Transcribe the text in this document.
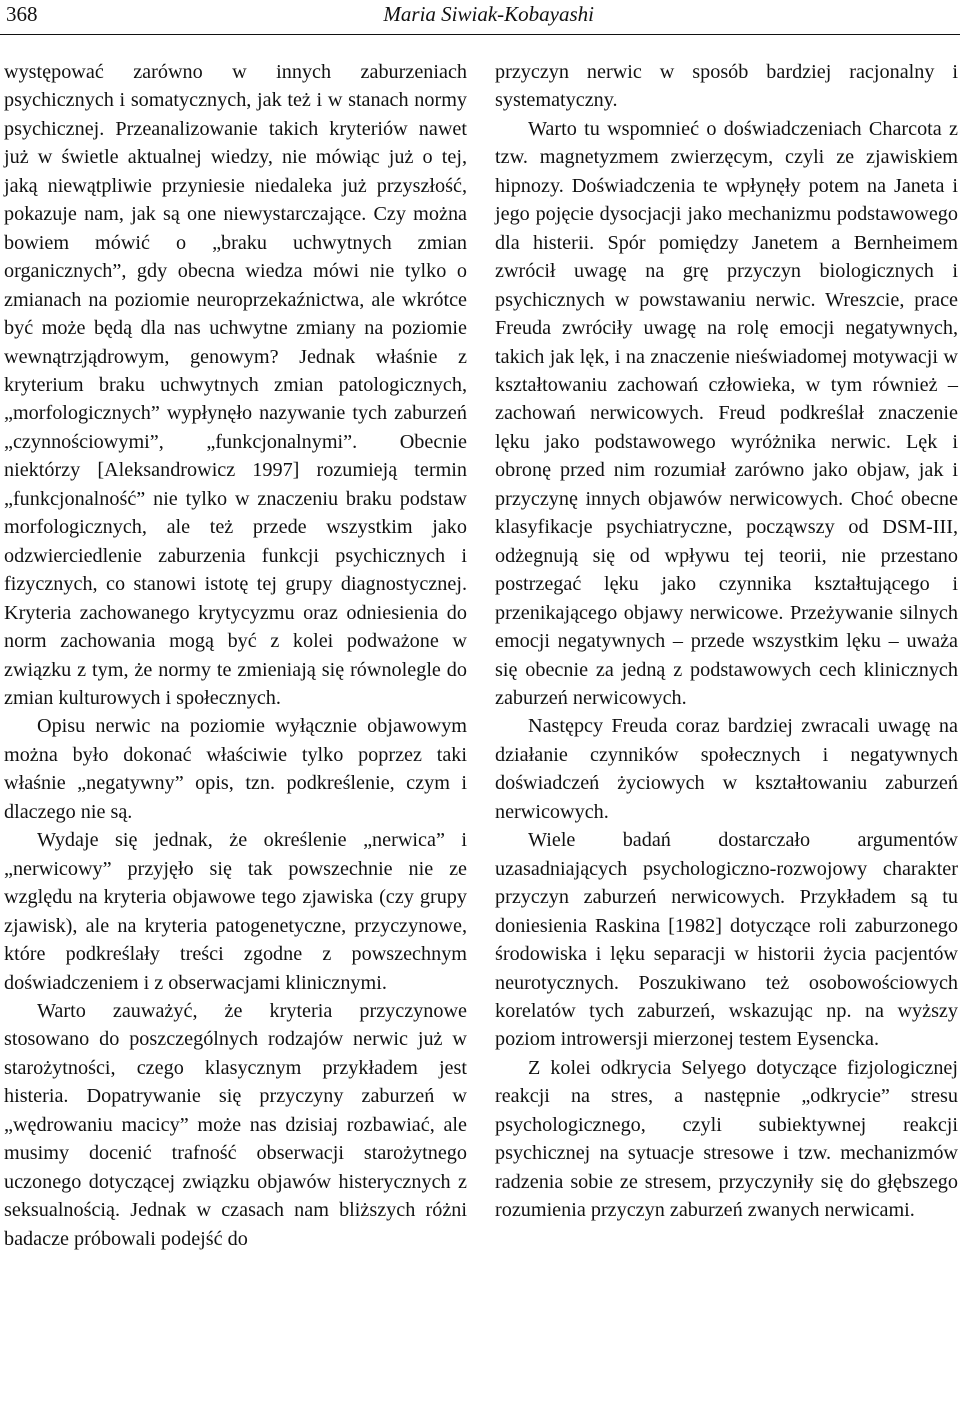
368	Maria Siwiak-Kobayashi

występować zarówno w innych zaburzeniach psychicznych i somatycznych, jak też i w stanach normy psychicznej. Przeanalizowanie takich kryteriów nawet już w świetle aktualnej wiedzy, nie mówiąc już o tej, jaką niewątpliwie przyniesie niedaleka już przyszłość, pokazuje nam, jak są one niewystarczające. Czy można bowiem mówić o „braku uchwytnych zmian organicznych”, gdy obecna wiedza mówi nie tylko o zmianach na poziomie neuroprzekaźnictwa, ale wkrótce być może będą dla nas uchwytne zmiany na poziomie wewnątrzjądrowym, genowym? Jednak właśnie z kryterium braku uchwytnych zmian patologicznych, „morfologicznych” wypłynęło nazywanie tych zaburzeń „czynnościowymi”, „funkcjonalnymi”. Obecnie niektórzy [Aleksandrowicz 1997] rozumieją termin „funkcjonalność” nie tylko w znaczeniu braku podstaw morfologicznych, ale też przede wszystkim jako odzwierciedlenie zaburzenia funkcji psychicznych i fizycznych, co stanowi istotę tej grupy diagnostycznej. Kryteria zachowanego krytycyzmu oraz odniesienia do norm zachowania mogą być z kolei podważone w związku z tym, że normy te zmieniają się równolegle do zmian kulturowych i społecznych.

Opisu nerwic na poziomie wyłącznie objawowym można było dokonać właściwie tylko poprzez taki właśnie „negatywny” opis, tzn. podkreślenie, czym i dlaczego nie są.

Wydaje się jednak, że określenie „nerwica” i „nerwicowy” przyjęło się tak powszechnie nie ze względu na kryteria objawowe tego zjawiska (czy grupy zjawisk), ale na kryteria patogenetyczne, przyczynowe, które podkreślały treści zgodne z powszechnym doświadczeniem i z obserwacjami klinicznymi.

Warto zauważyć, że kryteria przyczynowe stosowano do poszczególnych rodzajów nerwic już w starożytności, czego klasycznym przykładem jest histeria. Dopatrywanie się przyczyny zaburzeń w „wędrowaniu macicy” może nas dzisiaj rozbawiać, ale musimy docenić trafność obserwacji starożytnego uczonego dotyczącej związku objawów histerycznych z seksualnością. Jednak w czasach nam bliższych różni badacze próbowali podejść do

przyczyn nerwic w sposób bardziej racjonalny i systematyczny.

Warto tu wspomnieć o doświadczeniach Charcota z tzw. magnetyzmem zwierzęcym, czyli ze zjawiskiem hipnozy. Doświadczenia te wpłynęły potem na Janeta i jego pojęcie dysocjacji jako mechanizmu podstawowego dla histerii. Spór pomiędzy Janetem a Bernheimem zwrócił uwagę na grę przyczyn biologicznych i psychicznych w powstawaniu nerwic. Wreszcie, prace Freuda zwróciły uwagę na rolę emocji negatywnych, takich jak lęk, i na znaczenie nieświadomej motywacji w kształtowaniu zachowań człowieka, w tym również – zachowań nerwicowych. Freud podkreślał znaczenie lęku jako podstawowego wyróżnika nerwic. Lęk i obronę przed nim rozumiał zarówno jako objaw, jak i przyczynę innych objawów nerwicowych. Choć obecne klasyfikacje psychiatryczne, począwszy od DSM-III, odżegnują się od wpływu tej teorii, nie przestano postrzegać lęku jako czynnika kształtującego i przenikającego objawy nerwicowe. Przeżywanie silnych emocji negatywnych – przede wszystkim lęku – uważa się obecnie za jedną z podstawowych cech klinicznych zaburzeń nerwicowych.

Następcy Freuda coraz bardziej zwracali uwagę na działanie czynników społecznych i negatywnych doświadczeń życiowych w kształtowaniu zaburzeń nerwicowych.

Wiele badań dostarczało argumentów uzasadniających psychologiczno-rozwojowy charakter przyczyn zaburzeń nerwicowych. Przykładem są tu doniesienia Raskina [1982] dotyczące roli zaburzonego środowiska i lęku separacji w historii życia pacjentów neurotycznych. Poszukiwano też osobowościowych korelatów tych zaburzeń, wskazując np. na wyższy poziom introwersji mierzonej testem Eysencka.

Z kolei odkrycia Selyego dotyczące fizjologicznej reakcji na stres, a następnie „odkrycie” stresu psychologicznego, czyli subiektywnej reakcji psychicznej na sytuacje stresowe i tzw. mechanizmów radzenia sobie ze stresem, przyczyniły się do głębszego rozumienia przyczyn zaburzeń zwanych nerwicami.
